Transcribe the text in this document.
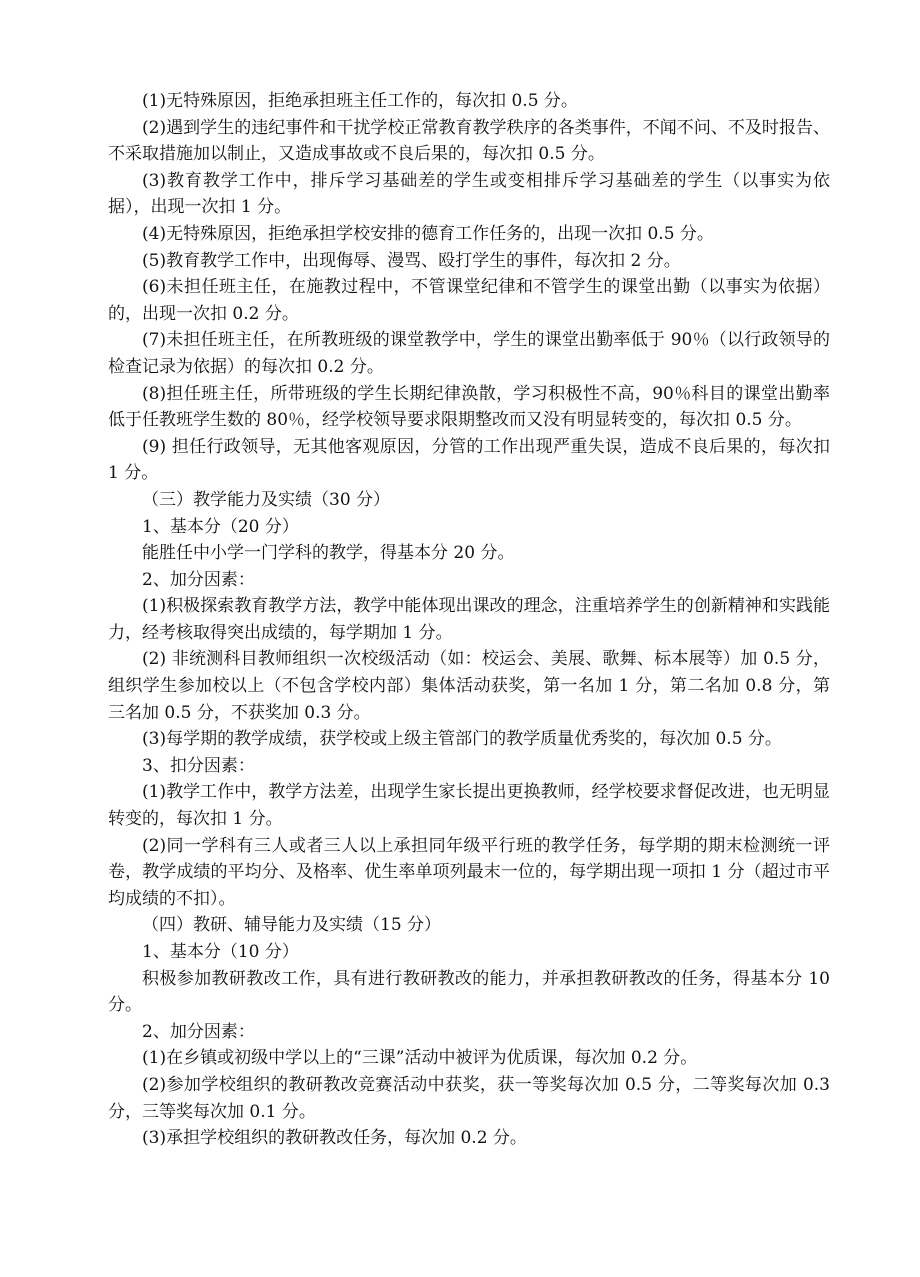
(1)无特殊原因，拒绝承担班主任工作的，每次扣 0.5 分。

(2)遇到学生的违纪事件和干扰学校正常教育教学秩序的各类事件，不闻不问、不及时报告、不采取措施加以制止，又造成事故或不良后果的，每次扣 0.5 分。

(3)教育教学工作中，排斥学习基础差的学生或变相排斥学习基础差的学生（以事实为依据），出现一次扣 1 分。

(4)无特殊原因，拒绝承担学校安排的德育工作任务的，出现一次扣 0.5 分。

(5)教育教学工作中，出现侮辱、漫骂、殴打学生的事件，每次扣 2 分。

(6)未担任班主任，在施教过程中，不管课堂纪律和不管学生的课堂出勤（以事实为依据）的，出现一次扣 0.2 分。

(7)未担任班主任，在所教班级的课堂教学中，学生的课堂出勤率低于 90％（以行政领导的检查记录为依据）的每次扣 0.2 分。

(8)担任班主任，所带班级的学生长期纪律涣散，学习积极性不高，90％科目的课堂出勤率低于任教班学生数的 80％，经学校领导要求限期整改而又没有明显转变的，每次扣 0.5 分。

(9) 担任行政领导，无其他客观原因，分管的工作出现严重失误，造成不良后果的，每次扣 1 分。

（三）教学能力及实绩（30 分）

1、基本分（20 分）

能胜任中小学一门学科的教学，得基本分 20 分。

2、加分因素：

(1)积极探索教育教学方法，教学中能体现出课改的理念，注重培养学生的创新精神和实践能力，经考核取得突出成绩的，每学期加 1 分。

(2) 非统测科目教师组织一次校级活动（如：校运会、美展、歌舞、标本展等）加 0.5 分，组织学生参加校以上（不包含学校内部）集体活动获奖，第一名加 1 分，第二名加 0.8 分，第三名加 0.5 分，不获奖加 0.3 分。

(3)每学期的教学成绩，获学校或上级主管部门的教学质量优秀奖的，每次加 0.5 分。

3、扣分因素：

(1)教学工作中，教学方法差，出现学生家长提出更换教师，经学校要求督促改进，也无明显转变的，每次扣 1 分。

(2)同一学科有三人或者三人以上承担同年级平行班的教学任务，每学期的期末检测统一评卷，教学成绩的平均分、及格率、优生率单项列最末一位的，每学期出现一项扣 1 分（超过市平均成绩的不扣）。

（四）教研、辅导能力及实绩（15 分）

1、基本分（10 分）

积极参加教研教改工作，具有进行教研教改的能力，并承担教研教改的任务，得基本分 10 分。

2、加分因素：

(1)在乡镇或初级中学以上的“三课”活动中被评为优质课，每次加 0.2 分。

(2)参加学校组织的教研教改竞赛活动中获奖，获一等奖每次加 0.5 分，二等奖每次加 0.3 分，三等奖每次加 0.1 分。

(3)承担学校组织的教研教改任务，每次加 0.2 分。
